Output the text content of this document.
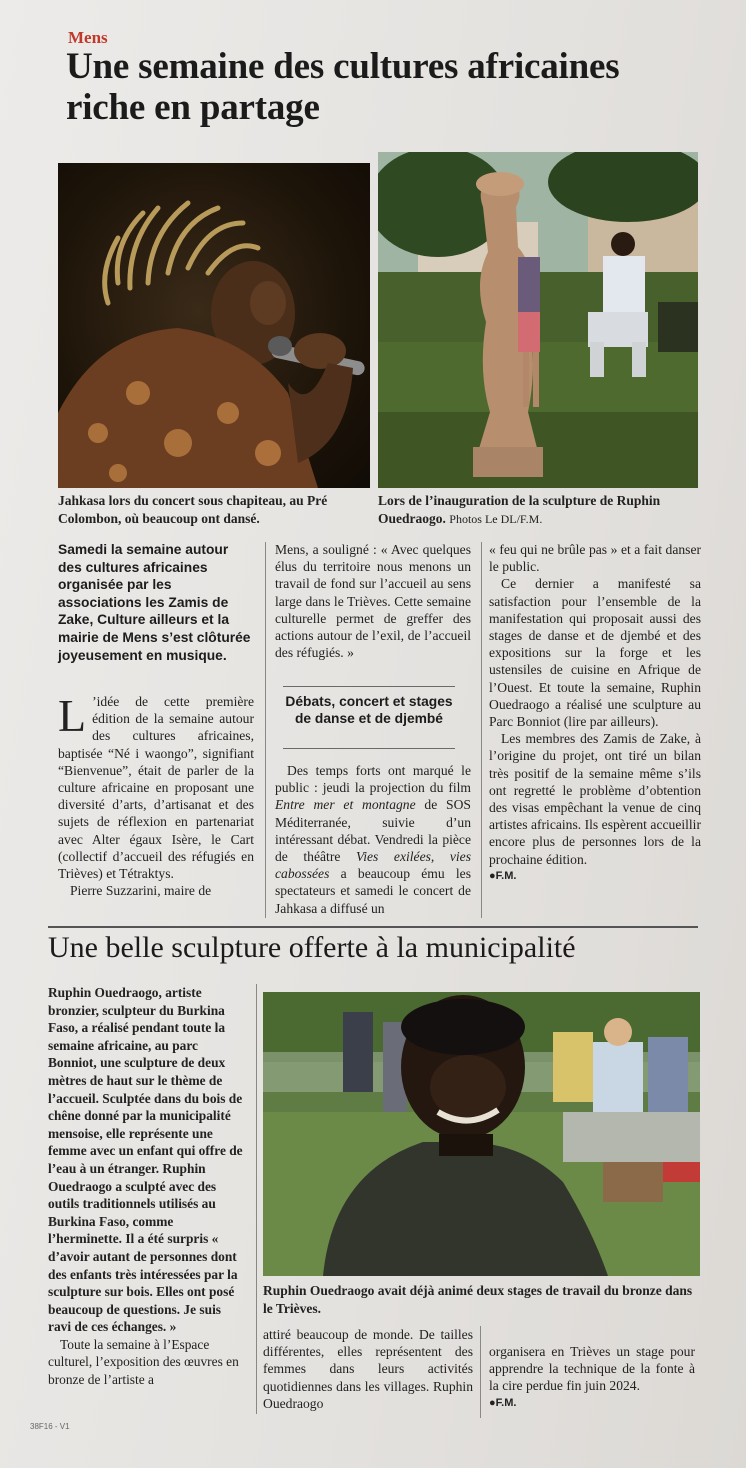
Mens
Une semaine des cultures africaines riche en partage
Jahkasa lors du concert sous chapiteau, au Pré Colombon, où beaucoup ont dansé.
Lors de l’inauguration de la sculpture de Ruphin Ouedraogo. Photos Le DL/F.M.
Samedi la semaine autour des cultures africaines organisée par les associations les Zamis de Zake, Culture ailleurs et la mairie de Mens s’est clôturée joyeusement en musique.

L ’idée de cette première édition de la semaine autour des cultures africaines, baptisée “Né i waongo”, signifiant “Bienvenue”, était de parler de la culture africaine en proposant une diversité d’arts, d’artisanat et des sujets de réflexion en partenariat avec Alter égaux Isère, le Cart (collectif d’accueil des réfugiés en Trièves) et Tétraktys.

Pierre Suzzarini, maire de

Mens, a souligné : « Avec quelques élus du territoire nous menons un travail de fond sur l’accueil au sens large dans le Trièves. Cette semaine culturelle permet de greffer des actions autour de l’exil, de l’accueil des réfugiés. »

Débats, concert et stages de danse et de djembé

Des temps forts ont marqué le public : jeudi la projection du film Entre mer et montagne de SOS Méditerranée, suivie d’un intéressant débat. Vendredi la pièce de théâtre Vies exilées, vies cabossées a beaucoup ému les spectateurs et samedi le concert de Jahkasa a diffusé un

« feu qui ne brûle pas » et a fait danser le public.

Ce dernier a manifesté sa satisfaction pour l’ensemble de la manifestation qui proposait aussi des stages de danse et de djembé et des expositions sur la forge et les ustensiles de cuisine en Afrique de l’Ouest. Et toute la semaine, Ruphin Ouedraogo a réalisé une sculpture au Parc Bonniot (lire par ailleurs).

Les membres des Zamis de Zake, à l’origine du projet, ont tiré un bilan très positif de la semaine même s’ils ont regretté le problème d’obtention des visas empêchant la venue de cinq artistes africains. Ils espèrent accueillir encore plus de personnes lors de la prochaine édition.

●F.M.

Une belle sculpture offerte à la municipalité

Ruphin Ouedraogo, artiste bronzier, sculpteur du Burkina Faso, a réalisé pendant toute la semaine africaine, au parc Bonniot, une sculpture de deux mètres de haut sur le thème de l’accueil. Sculptée dans du bois de chêne donné par la municipalité mensoise, elle représente une femme avec un enfant qui offre de l’eau à un étranger. Ruphin Ouedraogo a sculpté avec des outils traditionnels utilisés au Burkina Faso, comme l’herminette. Il a été surpris « d’avoir autant de personnes dont des enfants très intéressées par la sculpture sur bois. Elles ont posé beaucoup de questions. Je suis ravi de ces échanges. »

Toute la semaine à l’Espace culturel, l’exposition des œuvres en bronze de l’artiste a

Ruphin Ouedraogo avait déjà animé deux stages de travail du bronze dans le Trièves.

attiré beaucoup de monde. De tailles différentes, elles représentent des femmes dans leurs activités quotidiennes dans les villages. Ruphin Ouedraogo

organisera en Trièves un stage pour apprendre la technique de la fonte à la cire perdue fin juin 2024.

●F.M.

38F16 - V1
